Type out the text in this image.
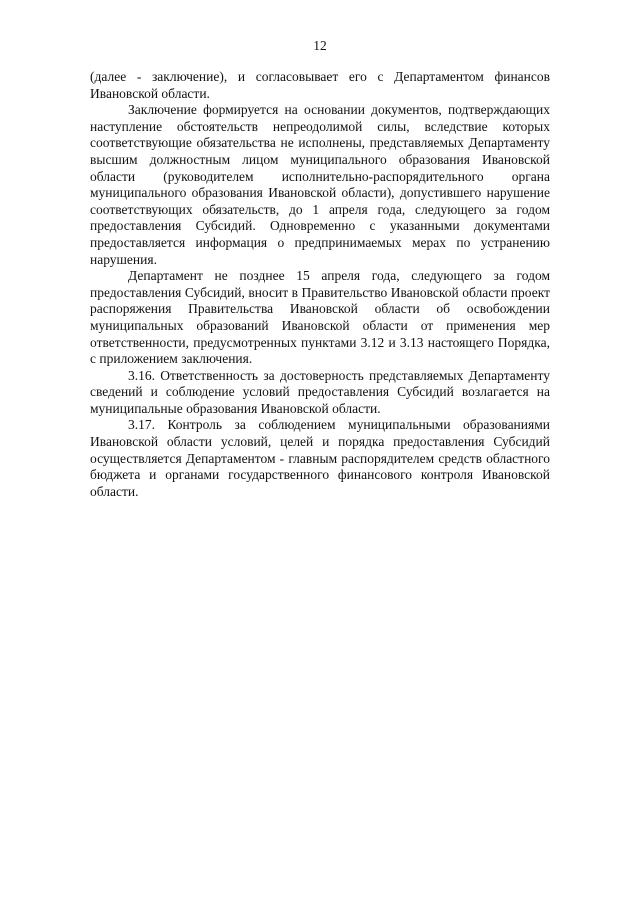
12

(далее - заключение), и согласовывает его с Департаментом финансов Ивановской области.

Заключение формируется на основании документов, подтверждающих наступление обстоятельств непреодолимой силы, вследствие которых соответствующие обязательства не исполнены, представляемых Департаменту высшим должностным лицом муниципального образования Ивановской области (руководителем исполнительно-распорядительного органа муниципального образования Ивановской области), допустившего нарушение соответствующих обязательств, до 1 апреля года, следующего за годом предоставления Субсидий. Одновременно с указанными документами предоставляется информация о предпринимаемых мерах по устранению нарушения.

Департамент не позднее 15 апреля года, следующего за годом предоставления Субсидий, вносит в Правительство Ивановской области проект распоряжения Правительства Ивановской области об освобождении муниципальных образований Ивановской области от применения мер ответственности, предусмотренных пунктами 3.12 и 3.13 настоящего Порядка, с приложением заключения.

3.16. Ответственность за достоверность представляемых Департаменту сведений и соблюдение условий предоставления Субсидий возлагается на муниципальные образования Ивановской области.

3.17. Контроль за соблюдением муниципальными образованиями Ивановской области условий, целей и порядка предоставления Субсидий осуществляется Департаментом - главным распорядителем средств областного бюджета и органами государственного финансового контроля Ивановской области.
